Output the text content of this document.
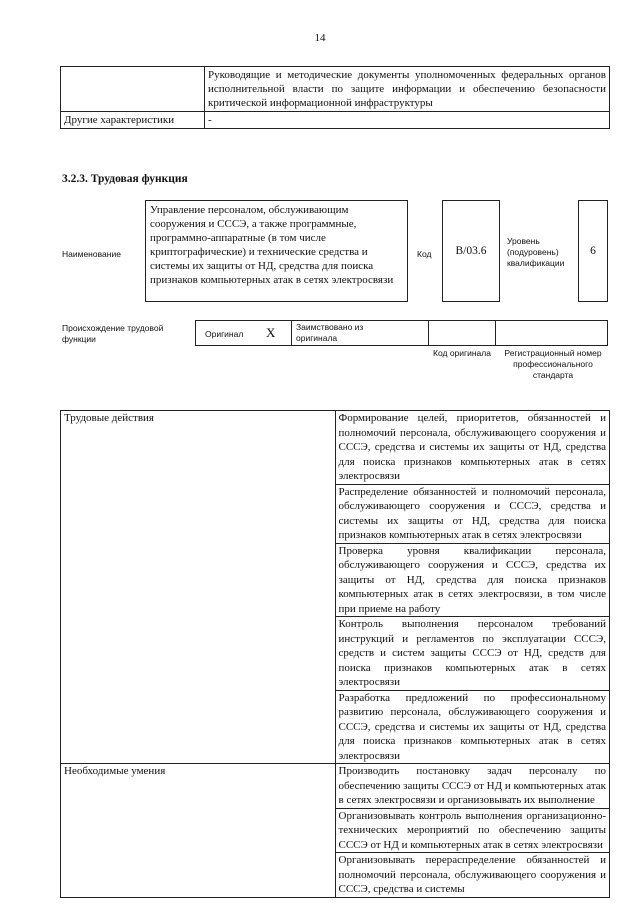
14
	Руководящие и методические документы уполномоченных федеральных органов исполнительной власти по защите информации и обеспечению безопасности критической информационной инфраструктуры
Другие характеристики	-
3.2.3. Трудовая функция
Наименование
Управление персоналом, обслуживающим сооружения и СССЭ, а также программные, программно-аппаратные (в том числе криптографические) и технические средства и системы их защиты от НД, средства для поиска признаков компьютерных атак в сетях электросвязи
Код	B/03.6
Уровень (подуровень) квалификации
6
Происхождение трудовой функции	Оригинал X Заимствовано из оригинала
Код оригинала	Регистрационный номер профессионального стандарта
Трудовые действия	Формирование целей, приоритетов, обязанностей и полномочий персонала, обслуживающего сооружения и СССЭ, средства и системы их защиты от НД, средства для поиска признаков компьютерных атак в сетях электросвязи
	Распределение обязанностей и полномочий персонала, обслуживающего сооружения и СССЭ, средства и системы их защиты от НД, средства для поиска признаков компьютерных атак в сетях электросвязи
	Проверка уровня квалификации персонала, обслуживающего сооружения и СССЭ, средства их защиты от НД, средства для поиска признаков компьютерных атак в сетях электросвязи, в том числе при приеме на работу
	Контроль выполнения персоналом требований инструкций и регламентов по эксплуатации СССЭ, средств и систем защиты СССЭ от НД, средств для поиска признаков компьютерных атак в сетях электросвязи
	Разработка предложений по профессиональному развитию персонала, обслуживающего сооружения и СССЭ, средства и системы их защиты от НД, средства для поиска признаков компьютерных атак в сетях электросвязи
Необходимые умения	Производить постановку задач персоналу по обеспечению защиты СССЭ от НД и компьютерных атак в сетях электросвязи и организовывать их выполнение
	Организовывать контроль выполнения организационно-технических мероприятий по обеспечению защиты СССЭ от НД и компьютерных атак в сетях электросвязи
	Организовывать перераспределение обязанностей и полномочий персонала, обслуживающего сооружения и СССЭ, средства и системы
